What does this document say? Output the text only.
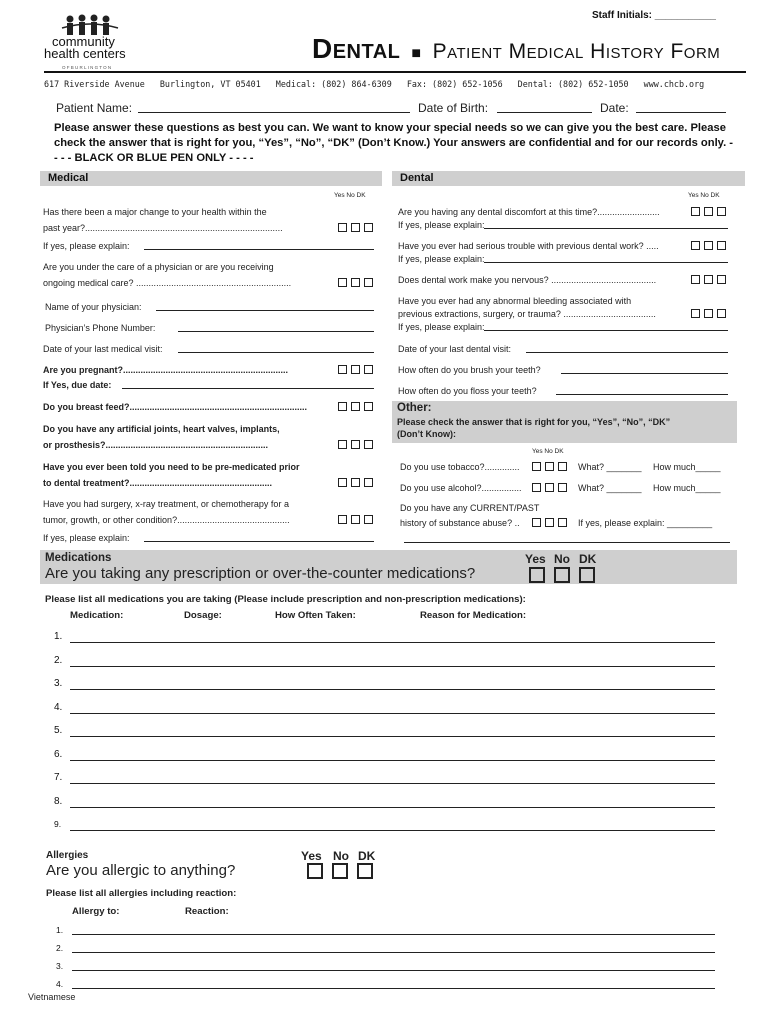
Staff Initials: ___________
community
health centers
O F B U R L I N G T O N
Dental ■ Patient Medical History Form
617 Riverside Avenue Burlington, VT 05401 Medical: (802) 864-6309 Fax: (802) 652-1056 Dental: (802) 652-1050 www.chcb.org
Patient Name:	Date of Birth:	Date:
Please answer these questions as best you can. We want to know your special needs so we can give you the best care. Please check the answer that is right for you, “Yes”, “No”, “DK” (Don’t Know.) Your answers are confidential and for our records only. - - - - BLACK OR BLUE PEN ONLY - - - -
Medical	Dental
Yes No DK	Yes No DK
Has there been a major change to your health within the
past year?...............................................................................
If yes, please explain:
Are you under the care of a physician or are you receiving
ongoing medical care? ..............................................................
Name of your physician:
Physician’s Phone Number:
Date of your last medical visit:
Are you pregnant?..................................................................
If Yes, due date:
Do you breast feed?.......................................................................
Do you have any artificial joints, heart valves, implants,
or prosthesis?.................................................................
Have you ever been told you need to be pre-medicated prior
to dental treatment?.........................................................
Have you had surgery, x-ray treatment, or chemotherapy for a
tumor, growth, or other condition?.............................................
If yes, please explain:
Are you having any dental discomfort at this time?.........................
If yes, please explain:
Have you ever had serious trouble with previous dental work? .....
If yes, please explain:
Does dental work make you nervous? ..........................................
Have you ever had any abnormal bleeding associated with
previous extractions, surgery, or trauma? .....................................
If yes, please explain:
Date of your last dental visit:
How often do you brush your teeth?
How often do you floss your teeth?
Other:
Please check the answer that is right for you, “Yes”, “No”, “DK”
(Don’t Know):
Yes No DK
Do you use tobacco?..............	What? _______ How much_____
Do you use alcohol?................	What? _______ How much_____
Do you have any CURRENT/PAST
history of substance abuse? ..	If yes, please explain: _________
Medications
Are you taking any prescription or over-the-counter medications?
Yes No DK
Please list all medications you are taking (Please include prescription and non-prescription medications):
Medication:	Dosage:	How Often Taken:	Reason for Medication:
1.
2.
3.
4.
5.
6.
7.
8.
9.
Allergies
Are you allergic to anything?
Yes No DK
Please list all allergies including reaction:
Allergy to:	Reaction:
1.
2.
3.
4.
Vietnamese
